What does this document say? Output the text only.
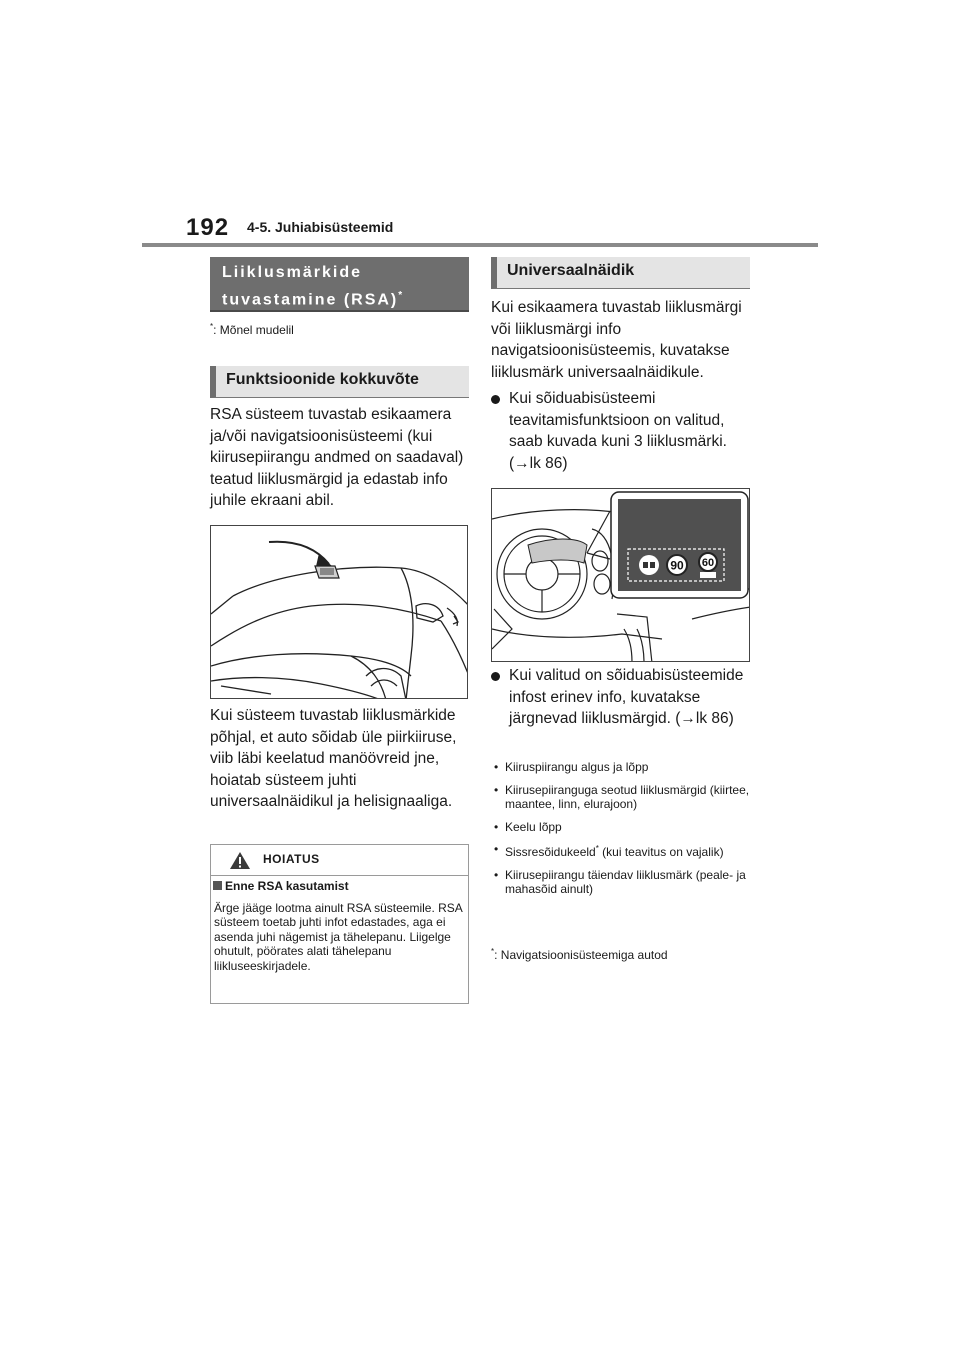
192 4-5. Juhiabisüsteemid
Liiklusmärkide tuvastamine (RSA)*
*: Mõnel mudelil
Funktsioonide kokkuvõte
RSA süsteem tuvastab esikaamera ja/või navigatsioonisüsteemi (kui kiirusepiirangu andmed on saadaval) teatud liiklusmärgid ja edastab info juhile ekraani abil.
Kui süsteem tuvastab liiklusmärkide põhjal, et auto sõidab üle piirkiiruse, viib läbi keelatud manöövreid jne, hoiatab süsteem juhti universaalnäidikul ja helisignaaliga.
HOIATUS
Enne RSA kasutamist
Ärge jääge lootma ainult RSA süsteemile. RSA süsteem toetab juhti infot edastades, aga ei asenda juhi nägemist ja tähelepanu. Liigelge ohutult, pöörates alati tähelepanu liikluseeskirjadele.
Universaalnäidik
Kui esikaamera tuvastab liiklusmärgi või liiklusmärgi info navigatsioonisüsteemis, kuvatakse liiklusmärk universaalnäidikule.
Kui sõiduabisüsteemi teavitamisfunktsioon on valitud, saab kuvada kuni 3 liiklusmärki. (→lk 86)
90 60
Kui valitud on sõiduabisüsteemide infost erinev info, kuvatakse järgnevad liiklusmärgid. (→lk 86)
• Kiiruspiirangu algus ja lõpp
• Kiirusepiiranguga seotud liiklusmärgid (kiirtee, maantee, linn, elurajoon)
• Keelu lõpp
• Sissresõidukeeld* (kui teavitus on vajalik)
• Kiirusepiirangu täiendav liiklusmärk (peale- ja mahasõid ainult)
*: Navigatsioonisüsteemiga autod
